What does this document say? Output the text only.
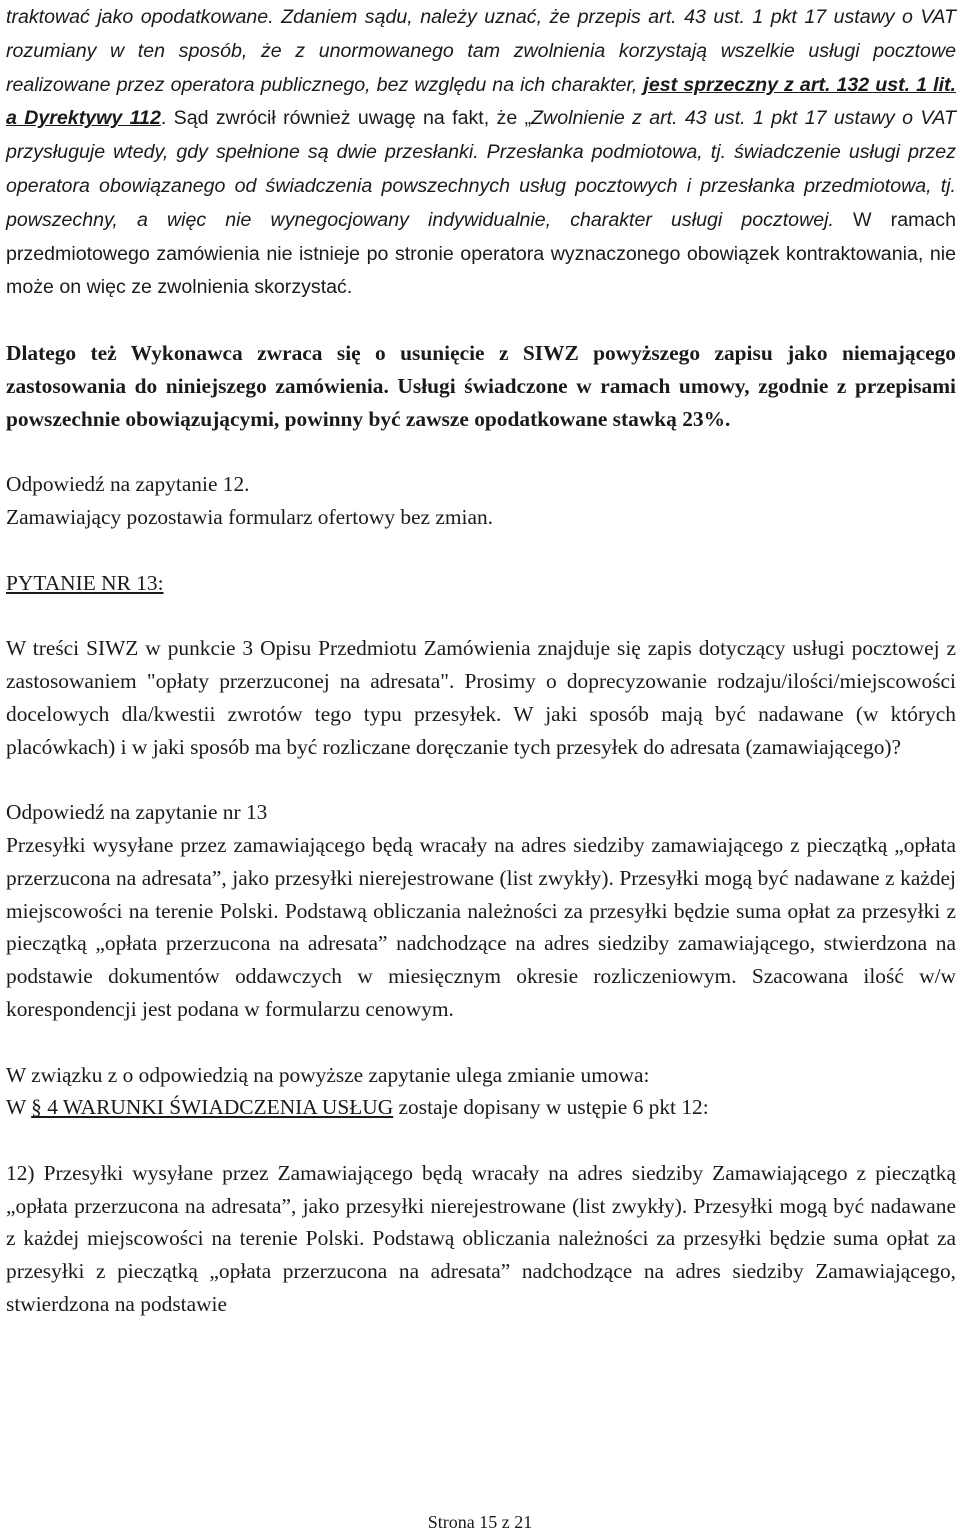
traktować jako opodatkowane. Zdaniem sądu, należy uznać, że przepis art. 43 ust. 1 pkt 17 ustawy o VAT rozumiany w ten sposób, że z unormowanego tam zwolnienia korzystają wszelkie usługi pocztowe realizowane przez operatora publicznego, bez względu na ich charakter, jest sprzeczny z art. 132 ust. 1 lit. a Dyrektywy 112. Sąd zwrócił również uwagę na fakt, że „Zwolnienie z art. 43 ust. 1 pkt 17 ustawy o VAT przysługuje wtedy, gdy spełnione są dwie przesłanki. Przesłanka podmiotowa, tj. świadczenie usługi przez operatora obowiązanego od świadczenia powszechnych usług pocztowych i przesłanka przedmiotowa, tj. powszechny, a więc nie wynegocjowany indywidualnie, charakter usługi pocztowej. W ramach przedmiotowego zamówienia nie istnieje po stronie operatora wyznaczonego obowiązek kontraktowania, nie może on więc ze zwolnienia skorzystać.

Dlatego też Wykonawca zwraca się o usunięcie z SIWZ powyższego zapisu jako niemającego zastosowania do niniejszego zamówienia. Usługi świadczone w ramach umowy, zgodnie z przepisami powszechnie obowiązującymi, powinny być zawsze opodatkowane stawką 23%.

Odpowiedź na zapytanie 12.

Zamawiający pozostawia formularz ofertowy bez zmian.

PYTANIE NR 13:

W treści SIWZ w punkcie 3 Opisu Przedmiotu Zamówienia znajduje się zapis dotyczący usługi pocztowej z zastosowaniem "opłaty przerzuconej na adresata". Prosimy o doprecyzowanie rodzaju/ilości/miejscowości docelowych dla/kwestii zwrotów tego typu przesyłek. W jaki sposób mają być nadawane (w których placówkach) i w jaki sposób ma być rozliczane doręczanie tych przesyłek do adresata (zamawiającego)?

Odpowiedź na zapytanie nr 13

Przesyłki wysyłane przez zamawiającego będą wracały na adres siedziby zamawiającego z pieczątką „opłata przerzucona na adresata”, jako przesyłki nierejestrowane (list zwykły). Przesyłki mogą być nadawane z każdej miejscowości na terenie Polski. Podstawą obliczania należności za przesyłki będzie suma opłat za przesyłki z pieczątką „opłata przerzucona na adresata” nadchodzące na adres siedziby zamawiającego, stwierdzona na podstawie dokumentów oddawczych w miesięcznym okresie rozliczeniowym. Szacowana ilość w/w korespondencji jest podana w formularzu cenowym.

W związku z o odpowiedzią na powyższe zapytanie ulega zmianie umowa:

W § 4 WARUNKI ŚWIADCZENIA USŁUG zostaje dopisany w ustępie 6 pkt 12:

12) Przesyłki wysyłane przez Zamawiającego będą wracały na adres siedziby Zamawiającego z pieczątką „opłata przerzucona na adresata”, jako przesyłki nierejestrowane (list zwykły). Przesyłki mogą być nadawane z każdej miejscowości na terenie Polski. Podstawą obliczania należności za przesyłki będzie suma opłat za przesyłki z pieczątką „opłata przerzucona na adresata” nadchodzące na adres siedziby Zamawiającego, stwierdzona na podstawie

Strona 15 z 21
